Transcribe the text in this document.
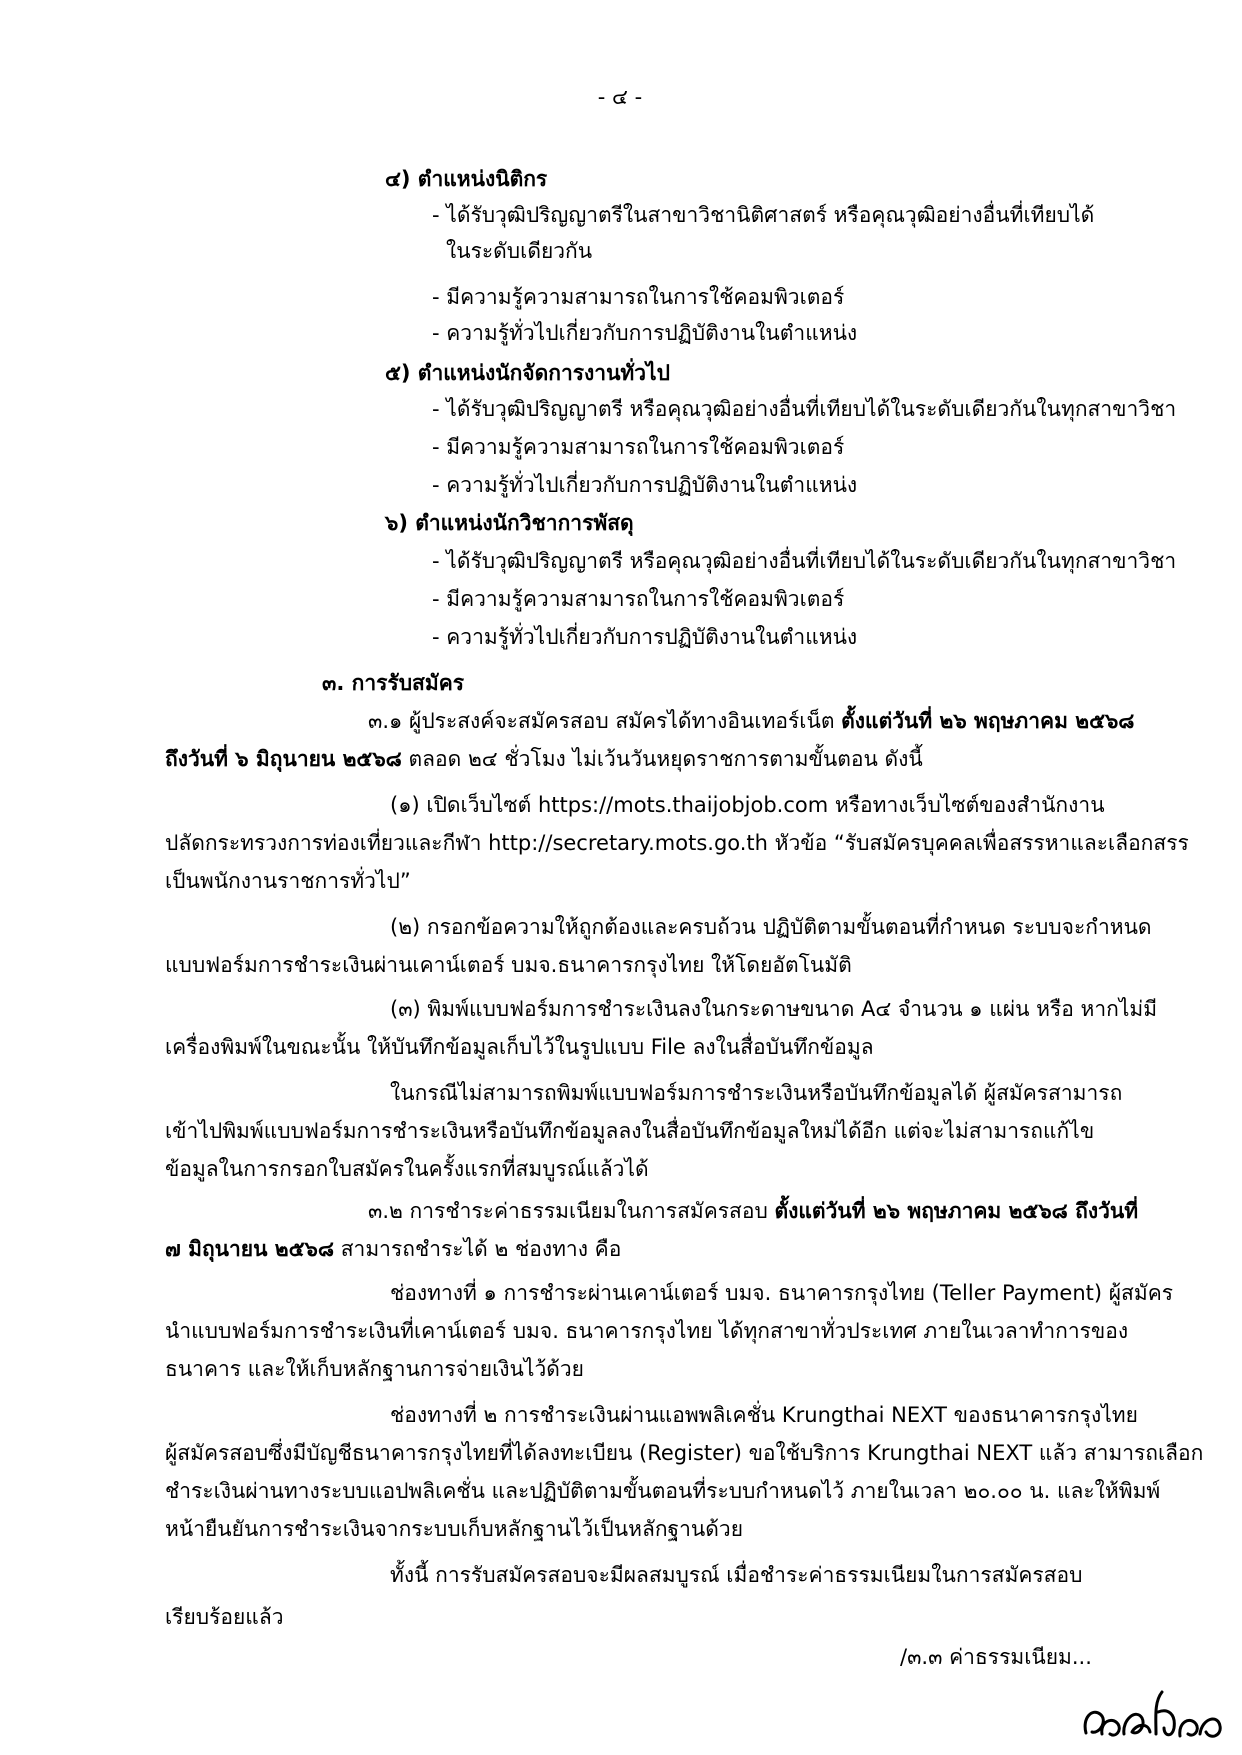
- ๔ -
๔) ตำแหน่งนิติกร
- ได้รับวุฒิปริญญาตรีในสาขาวิชานิติศาสตร์ หรือคุณวุฒิอย่างอื่นที่เทียบได้
ในระดับเดียวกัน
- มีความรู้ความสามารถในการใช้คอมพิวเตอร์
- ความรู้ทั่วไปเกี่ยวกับการปฏิบัติงานในตำแหน่ง
๕) ตำแหน่งนักจัดการงานทั่วไป
- ได้รับวุฒิปริญญาตรี หรือคุณวุฒิอย่างอื่นที่เทียบได้ในระดับเดียวกันในทุกสาขาวิชา
- มีความรู้ความสามารถในการใช้คอมพิวเตอร์
- ความรู้ทั่วไปเกี่ยวกับการปฏิบัติงานในตำแหน่ง
๖) ตำแหน่งนักวิชาการพัสดุ
- ได้รับวุฒิปริญญาตรี หรือคุณวุฒิอย่างอื่นที่เทียบได้ในระดับเดียวกันในทุกสาขาวิชา
- มีความรู้ความสามารถในการใช้คอมพิวเตอร์
- ความรู้ทั่วไปเกี่ยวกับการปฏิบัติงานในตำแหน่ง
๓. การรับสมัคร
๓.๑ ผู้ประสงค์จะสมัครสอบ สมัครได้ทางอินเทอร์เน็ต ตั้งแต่วันที่ ๒๖ พฤษภาคม ๒๕๖๘
ถึงวันที่ ๖ มิถุนายน ๒๕๖๘ ตลอด ๒๔ ชั่วโมง ไม่เว้นวันหยุดราชการตามขั้นตอน ดังนี้
(๑) เปิดเว็บไซต์ https://mots.thaijobjob.com หรือทางเว็บไซต์ของสำนักงาน
ปลัดกระทรวงการท่องเที่ยวและกีฬา http://secretary.mots.go.th หัวข้อ “รับสมัครบุคคลเพื่อสรรหาและเลือกสรร
เป็นพนักงานราชการทั่วไป”
(๒) กรอกข้อความให้ถูกต้องและครบถ้วน ปฏิบัติตามขั้นตอนที่กำหนด ระบบจะกำหนด
แบบฟอร์มการชำระเงินผ่านเคาน์เตอร์ บมจ.ธนาคารกรุงไทย ให้โดยอัตโนมัติ
(๓) พิมพ์แบบฟอร์มการชำระเงินลงในกระดาษขนาด A๔ จำนวน ๑ แผ่น หรือ หากไม่มี
เครื่องพิมพ์ในขณะนั้น ให้บันทึกข้อมูลเก็บไว้ในรูปแบบ File ลงในสื่อบันทึกข้อมูล
ในกรณีไม่สามารถพิมพ์แบบฟอร์มการชำระเงินหรือบันทึกข้อมูลได้ ผู้สมัครสามารถ
เข้าไปพิมพ์แบบฟอร์มการชำระเงินหรือบันทึกข้อมูลลงในสื่อบันทึกข้อมูลใหม่ได้อีก แต่จะไม่สามารถแก้ไข
ข้อมูลในการกรอกใบสมัครในครั้งแรกที่สมบูรณ์แล้วได้
๓.๒ การชำระค่าธรรมเนียมในการสมัครสอบ ตั้งแต่วันที่ ๒๖ พฤษภาคม ๒๕๖๘ ถึงวันที่
๗ มิถุนายน ๒๕๖๘ สามารถชำระได้ ๒ ช่องทาง คือ
ช่องทางที่ ๑ การชำระผ่านเคาน์เตอร์ บมจ. ธนาคารกรุงไทย (Teller Payment) ผู้สมัคร
นำแบบฟอร์มการชำระเงินที่เคาน์เตอร์ บมจ. ธนาคารกรุงไทย ได้ทุกสาขาทั่วประเทศ ภายในเวลาทำการของ
ธนาคาร และให้เก็บหลักฐานการจ่ายเงินไว้ด้วย
ช่องทางที่ ๒ การชำระเงินผ่านแอพพลิเคชั่น Krungthai NEXT ของธนาคารกรุงไทย
ผู้สมัครสอบซึ่งมีบัญชีธนาคารกรุงไทยที่ได้ลงทะเบียน (Register) ขอใช้บริการ Krungthai NEXT แล้ว สามารถเลือก
ชำระเงินผ่านทางระบบแอปพลิเคชั่น และปฏิบัติตามขั้นตอนที่ระบบกำหนดไว้ ภายในเวลา ๒๐.๐๐ น. และให้พิมพ์
หน้ายืนยันการชำระเงินจากระบบเก็บหลักฐานไว้เป็นหลักฐานด้วย
ทั้งนี้ การรับสมัครสอบจะมีผลสมบูรณ์ เมื่อชำระค่าธรรมเนียมในการสมัครสอบ
เรียบร้อยแล้ว
/๓.๓ ค่าธรรมเนียม...
